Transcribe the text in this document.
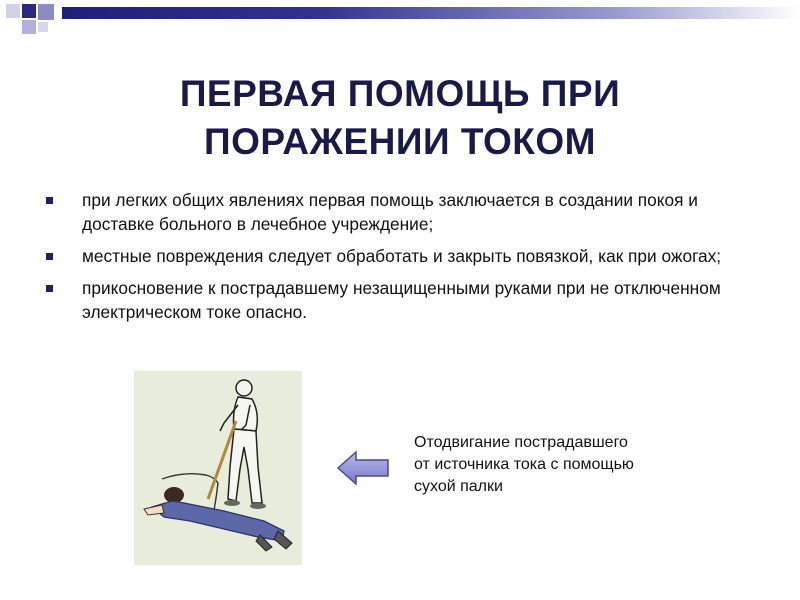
ПЕРВАЯ ПОМОЩЬ ПРИ
ПОРАЖЕНИИ ТОКОМ
при легких общих явлениях первая помощь заключается в создании покоя и доставке больного в лечебное учреждение;
местные повреждения следует обработать и закрыть повязкой, как при ожогах;
прикосновение к пострадавшему незащищенными руками при не отключенном электрическом токе опасно.
Отодвигание пострадавшего
от источника тока с помощью
сухой палки
